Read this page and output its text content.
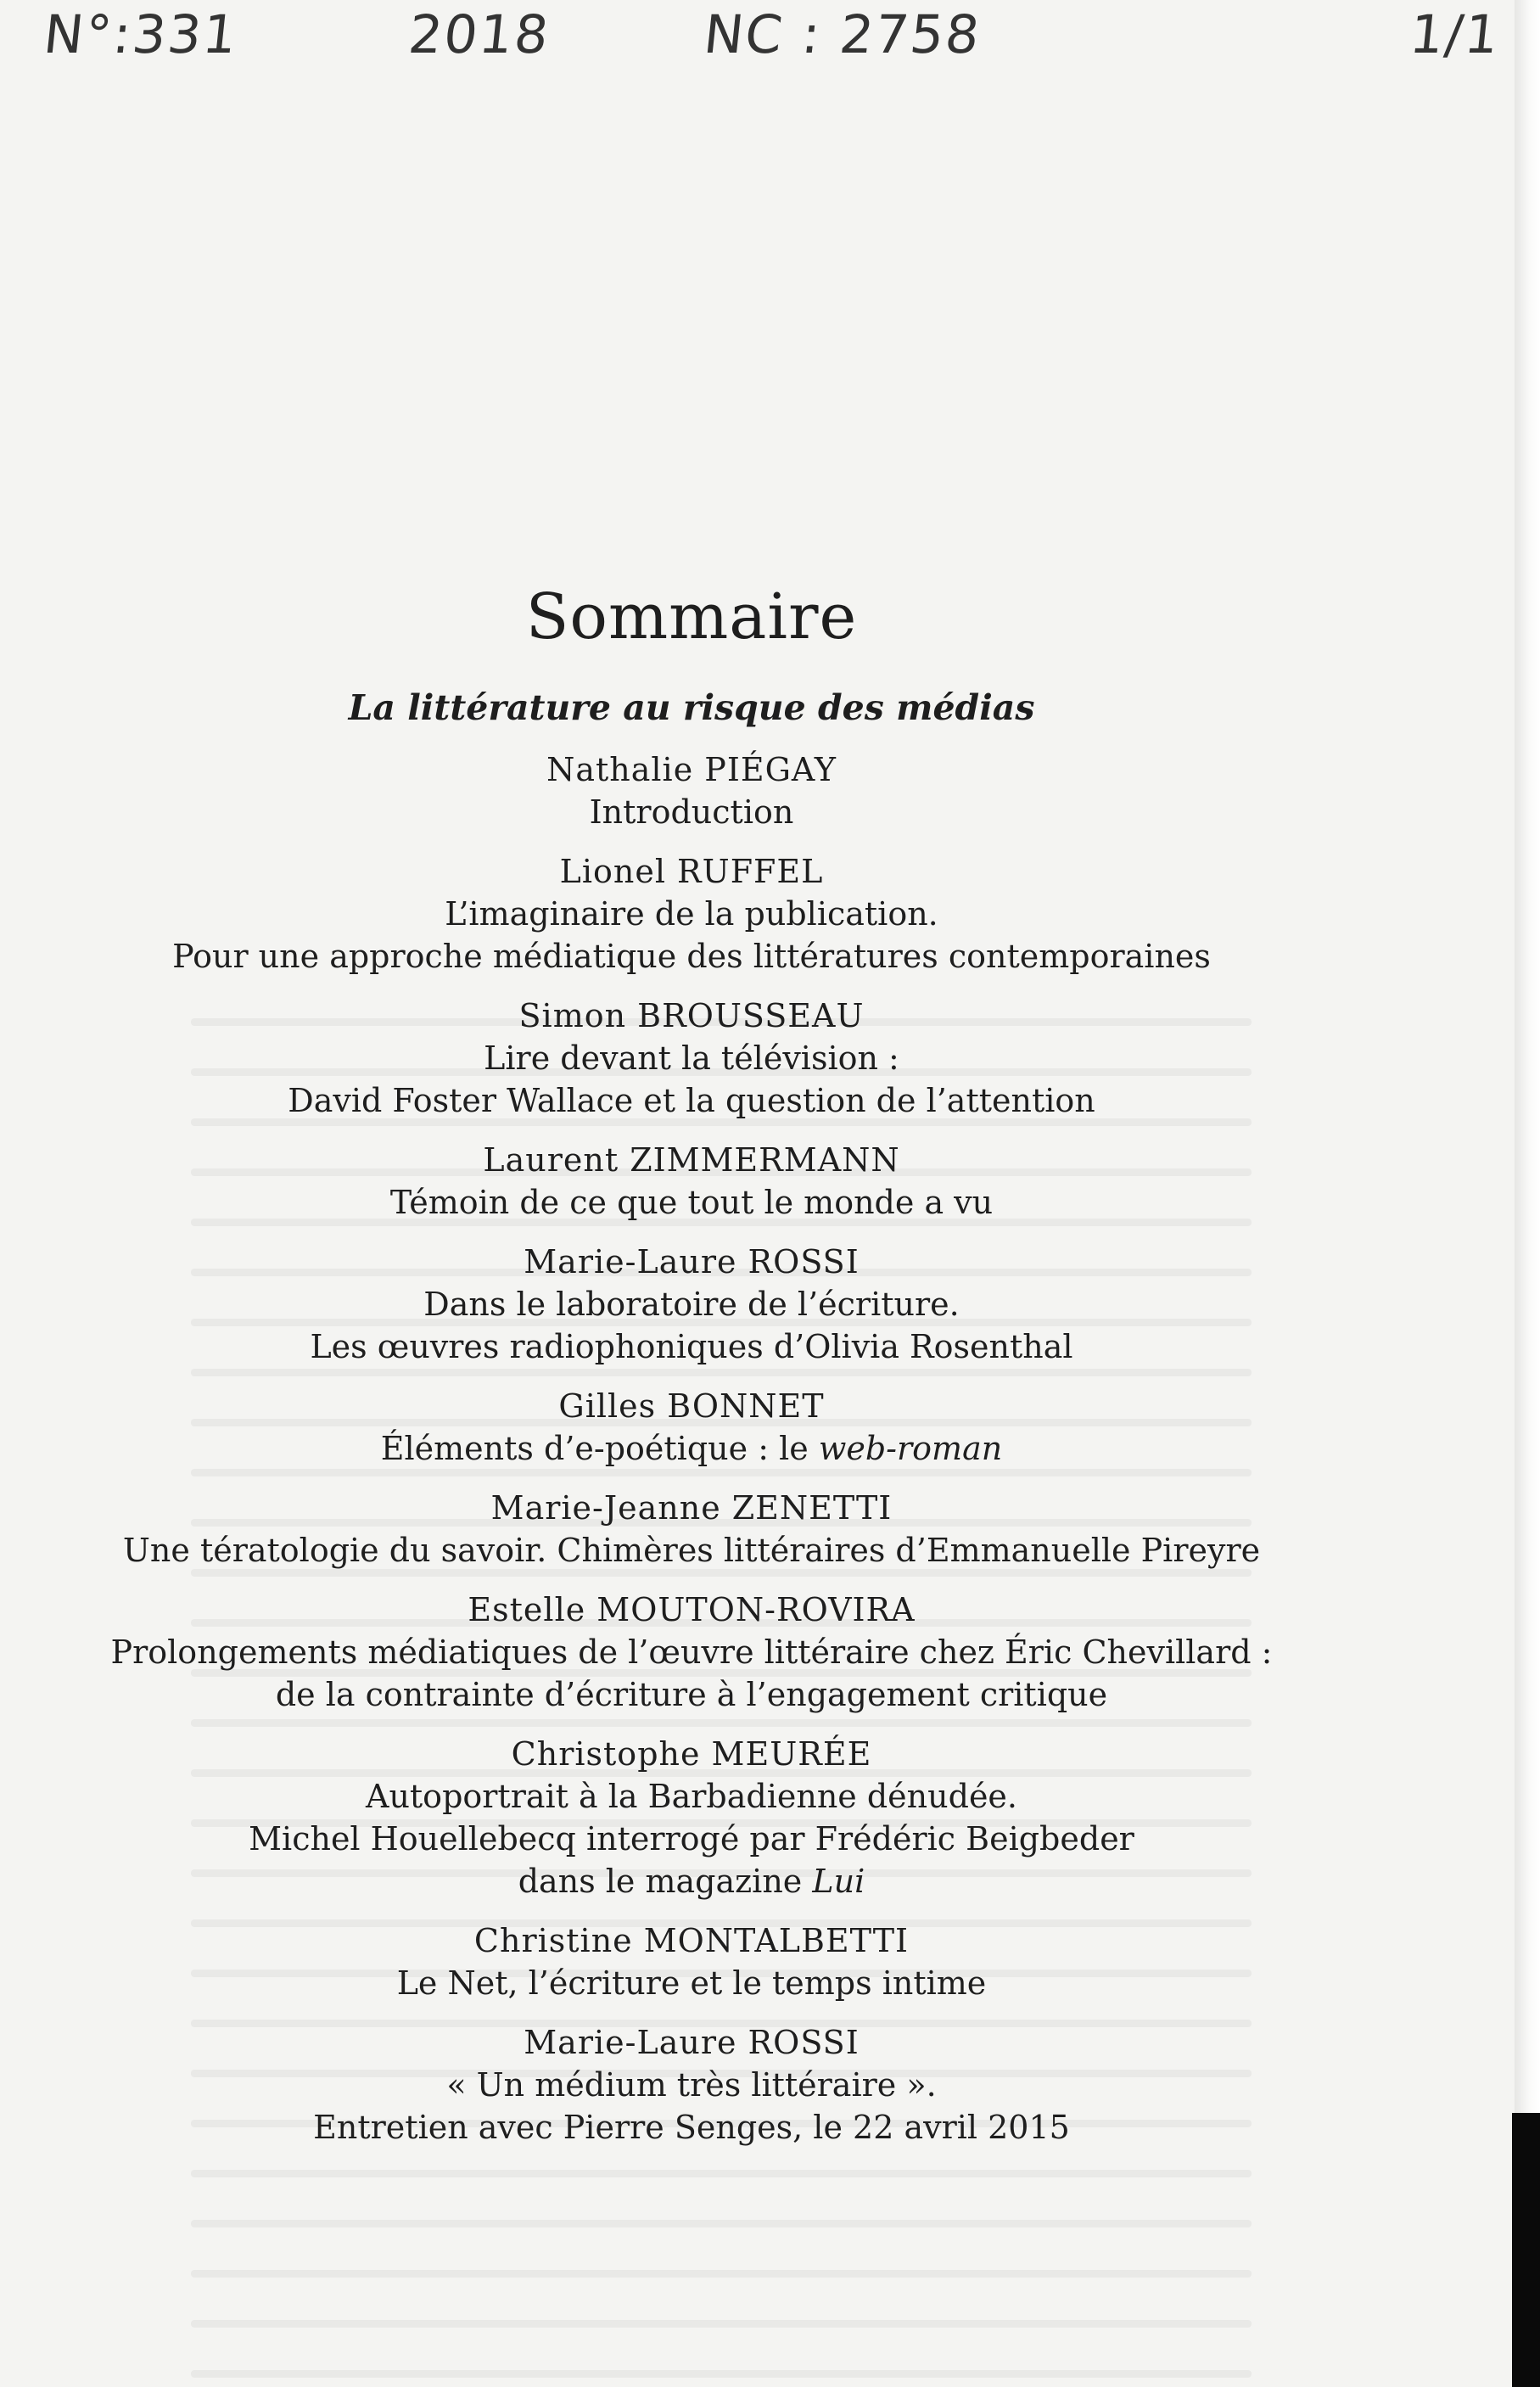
N°:331	2018	NC : 2758	1/1
Sommaire
La littérature au risque des médias
Nathalie PIÉGAY
Introduction
Lionel RUFFEL
L’imaginaire de la publication.
Pour une approche médiatique des littératures contemporaines
Simon BROUSSEAU
Lire devant la télévision :
David Foster Wallace et la question de l’attention
Laurent ZIMMERMANN
Témoin de ce que tout le monde a vu
Marie-Laure ROSSI
Dans le laboratoire de l’écriture.
Les œuvres radiophoniques d’Olivia Rosenthal
Gilles BONNET
Éléments d’e-poétique : le web-roman
Marie-Jeanne ZENETTI
Une tératologie du savoir. Chimères littéraires d’Emmanuelle Pireyre
Estelle MOUTON-ROVIRA
Prolongements médiatiques de l’œuvre littéraire chez Éric Chevillard :
de la contrainte d’écriture à l’engagement critique
Christophe MEURÉE
Autoportrait à la Barbadienne dénudée.
Michel Houellebecq interrogé par Frédéric Beigbeder
dans le magazine Lui
Christine MONTALBETTI
Le Net, l’écriture et le temps intime
Marie-Laure ROSSI
« Un médium très littéraire ».
Entretien avec Pierre Senges, le 22 avril 2015
